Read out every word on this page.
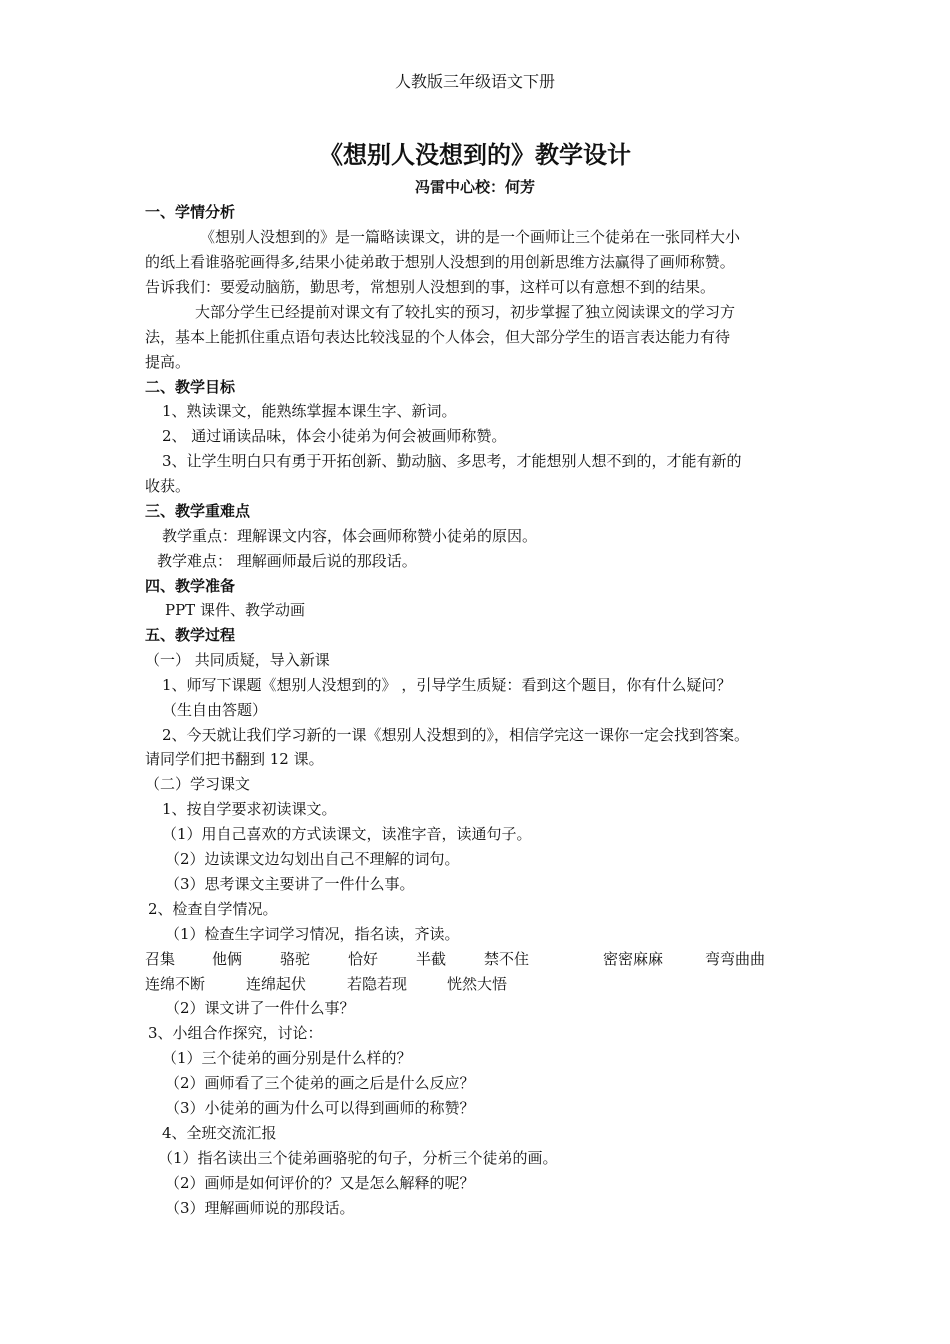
人教版三年级语文下册
《想别人没想到的》教学设计
冯雷中心校：何芳
一、学情分析
《想别人没想到的》是一篇略读课文，讲的是一个画师让三个徒弟在一张同样大小
的纸上看谁骆驼画得多,结果小徒弟敢于想别人没想到的用创新思维方法赢得了画师称赞。
告诉我们：要爱动脑筋，勤思考，常想别人没想到的事，这样可以有意想不到的结果。
大部分学生已经提前对课文有了较扎实的预习，初步掌握了独立阅读课文的学习方
法，基本上能抓住重点语句表达比较浅显的个人体会，但大部分学生的语言表达能力有待
提高。
二、教学目标
1、熟读课文，能熟练掌握本课生字、新词。
2、 通过诵读品味，体会小徒弟为何会被画师称赞。
3、让学生明白只有勇于开拓创新、勤动脑、多思考，才能想别人想不到的，才能有新的
收获。
三、教学重难点
教学重点：理解课文内容，体会画师称赞小徒弟的原因。
教学难点： 理解画师最后说的那段话。
四、教学准备
PPT 课件、教学动画
五、教学过程
（一） 共同质疑，导入新课
1、师写下课题《想别人没想到的》 ，引导学生质疑：看到这个题目，你有什么疑问？
（生自由答题）
2、今天就让我们学习新的一课《想别人没想到的》，相信学完这一课你一定会找到答案。
请同学们把书翻到 12 课。
（二）学习课文
1、按自学要求初读课文。
（1）用自己喜欢的方式读课文，读准字音，读通句子。
（2）边读课文边勾划出自己不理解的词句。
（3）思考课文主要讲了一件什么事。
2、检查自学情况。
（1）检查生字词学习情况，指名读，齐读。
召集 他俩	骆驼	恰好	半截	禁不住	密密麻麻	弯弯曲曲
连绵不断	连绵起伏	若隐若现	恍然大悟
（2）课文讲了一件什么事？
3、小组合作探究，讨论：
（1）三个徒弟的画分别是什么样的？
（2）画师看了三个徒弟的画之后是什么反应？
（3）小徒弟的画为什么可以得到画师的称赞？
4、全班交流汇报
（1）指名读出三个徒弟画骆驼的句子，分析三个徒弟的画。
（2）画师是如何评价的？又是怎么解释的呢？
（3）理解画师说的那段话。
